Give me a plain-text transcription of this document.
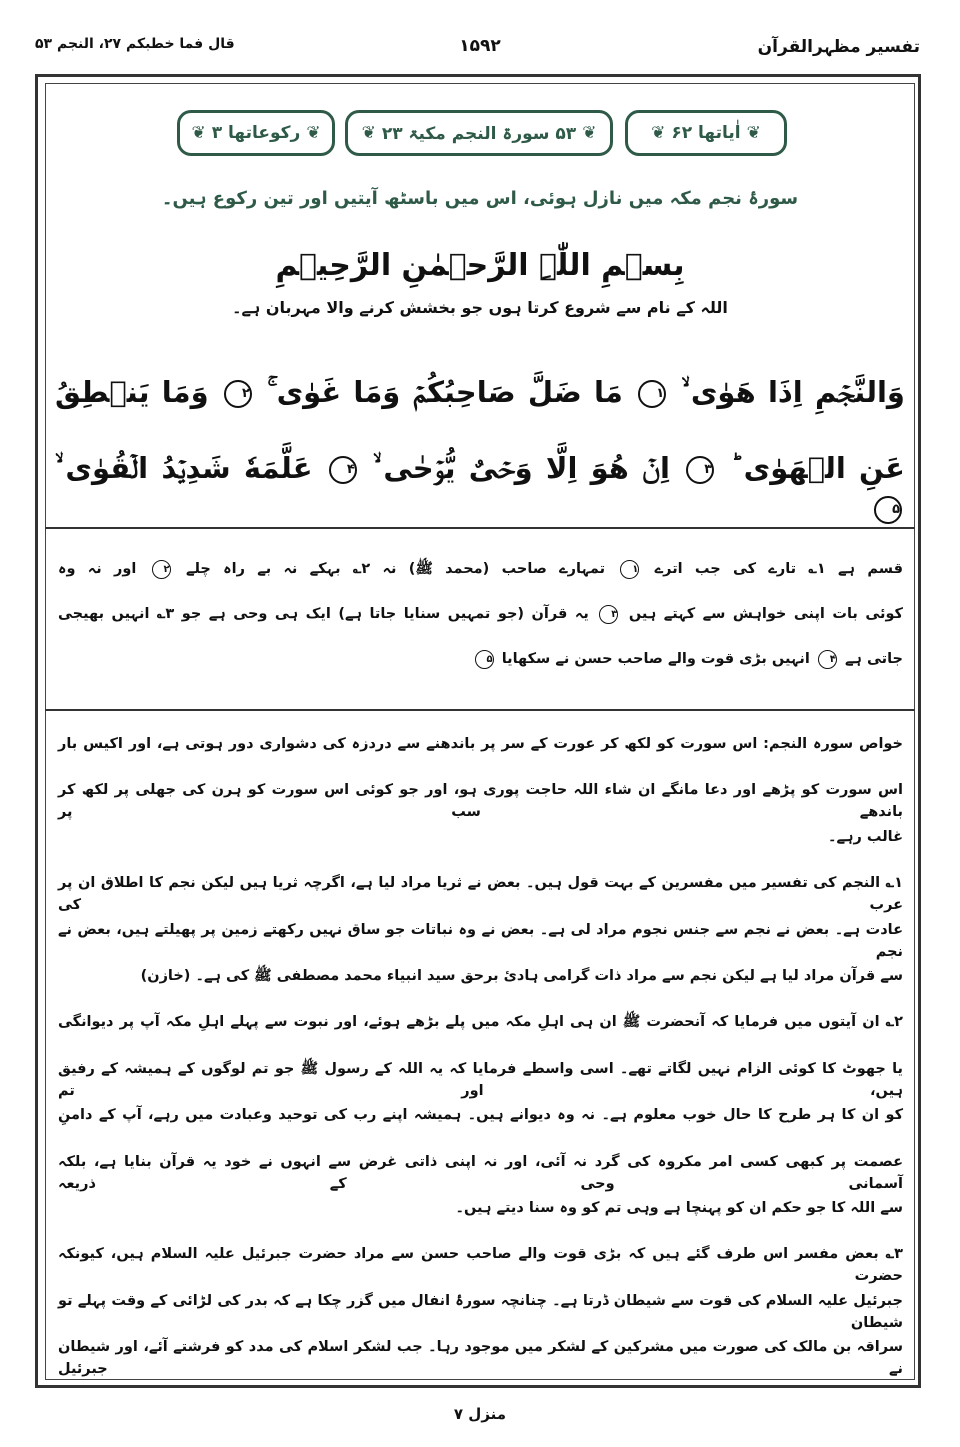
تفسیر مظہرالقرآن
۱۵۹۲
قال فما خطبکم ۲۷، النجم ۵۳
❦
اٰیاتھا ۶۲
❦
❦
۵۳ سورۃ النجم مکیۃ ۲۳
❦
❦
رکوعاتھا ۳
❦
سورۂ نجم مکہ میں نازل ہوئی، اس میں باسٹھ آیتیں اور تین رکوع ہیں۔
بِسۡمِ اللّٰہِ الرَّحۡمٰنِ الرَّحِیۡمِ
اللہ کے نام سے شروع کرتا ہوں جو بخشش کرنے والا مہربان ہے۔
وَالنَّجۡمِ اِذَا هَوٰى ۙ ۱ مَا ضَلَّ صَاحِبُكُمۡ وَمَا غَوٰى ۚ ۲ وَمَا يَنۡطِقُ
عَنِ الۡهَوٰى ؕ ۳ اِنۡ هُوَ اِلَّا وَحۡىٌ يُّوۡحٰى ۙ ۴ عَلَّمَهٗ شَدِيۡدُ الۡقُوٰى ۙ ۵
قسم ہے ۱؎ تارے کی جب اترے ۱ تمہارے صاحب (محمد ﷺ) نہ ۲؎ بہکے نہ بے راہ چلے ۲ اور نہ وہ
کوئی بات اپنی خواہش سے کہتے ہیں ۳ یہ قرآن (جو تمہیں سنایا جاتا ہے) ایک ہی وحی ہے جو ۳؎ انہیں بھیجی
جاتی ہے ۴ انہیں بڑی قوت والے صاحب حسن نے سکھایا ۵
خواص سورہ النجم: اس سورت کو لکھ کر عورت کے سر پر باندھنے سے دردزہ کی دشواری دور ہوتی ہے، اور اکیس بار
اس سورت کو پڑھے اور دعا مانگے ان شاء اللہ حاجت پوری ہو، اور جو کوئی اس سورت کو ہرن کی جھلی پر لکھ کر باندھے سب پر
غالب رہے۔
۱؎ النجم کی تفسیر میں مفسرین کے بہت قول ہیں۔ بعض نے ثریا مراد لیا ہے، اگرچہ ثریا ہیں لیکن نجم کا اطلاق ان پر عرب کی
عادت ہے۔ بعض نے نجم سے جنس نجوم مراد لی ہے۔ بعض نے وہ نباتات جو ساق نہیں رکھتے زمین پر پھیلتے ہیں، بعض نے نجم
سے قرآن مراد لیا ہے لیکن نجم سے مراد ذات گرامی ہادیٔ برحق سید انبیاء محمد مصطفی ﷺ کی ہے۔ (خازن)
۲؎ ان آیتوں میں فرمایا کہ آنحضرت ﷺ ان ہی اہلِ مکہ میں پلے بڑھے ہوئے، اور نبوت سے پہلے اہلِ مکہ آپ پر دیوانگی
یا جھوٹ کا کوئی الزام نہیں لگاتے تھے۔ اسی واسطے فرمایا کہ یہ اللہ کے رسول ﷺ جو تم لوگوں کے ہمیشہ کے رفیق ہیں، اور تم
کو ان کا ہر طرح کا حال خوب معلوم ہے۔ نہ وہ دیوانے ہیں۔ ہمیشہ اپنے رب کی توحید وعبادت میں رہے، آپ کے دامنِ
عصمت پر کبھی کسی امر مکروہ کی گرد نہ آئی، اور نہ اپنی ذاتی غرض سے انہوں نے خود یہ قرآن بنایا ہے، بلکہ آسمانی وحی کے ذریعہ
سے اللہ کا جو حکم ان کو پہنچا ہے وہی تم کو وہ سنا دیتے ہیں۔
۳؎ بعض مفسر اس طرف گئے ہیں کہ بڑی قوت والے صاحب حسن سے مراد حضرت جبرئیل علیہ السلام ہیں، کیونکہ حضرت
جبرئیل علیہ السلام کی قوت سے شیطان ڈرتا ہے۔ چنانچہ سورۂ انفال میں گزر چکا ہے کہ بدر کی لڑائی کے وقت پہلے تو شیطان
سراقہ بن مالک کی صورت میں مشرکین کے لشکر میں موجود رہا۔ جب لشکر اسلام کی مدد کو فرشتے آئے، اور شیطان نے جبرئیل
منزل ۷
